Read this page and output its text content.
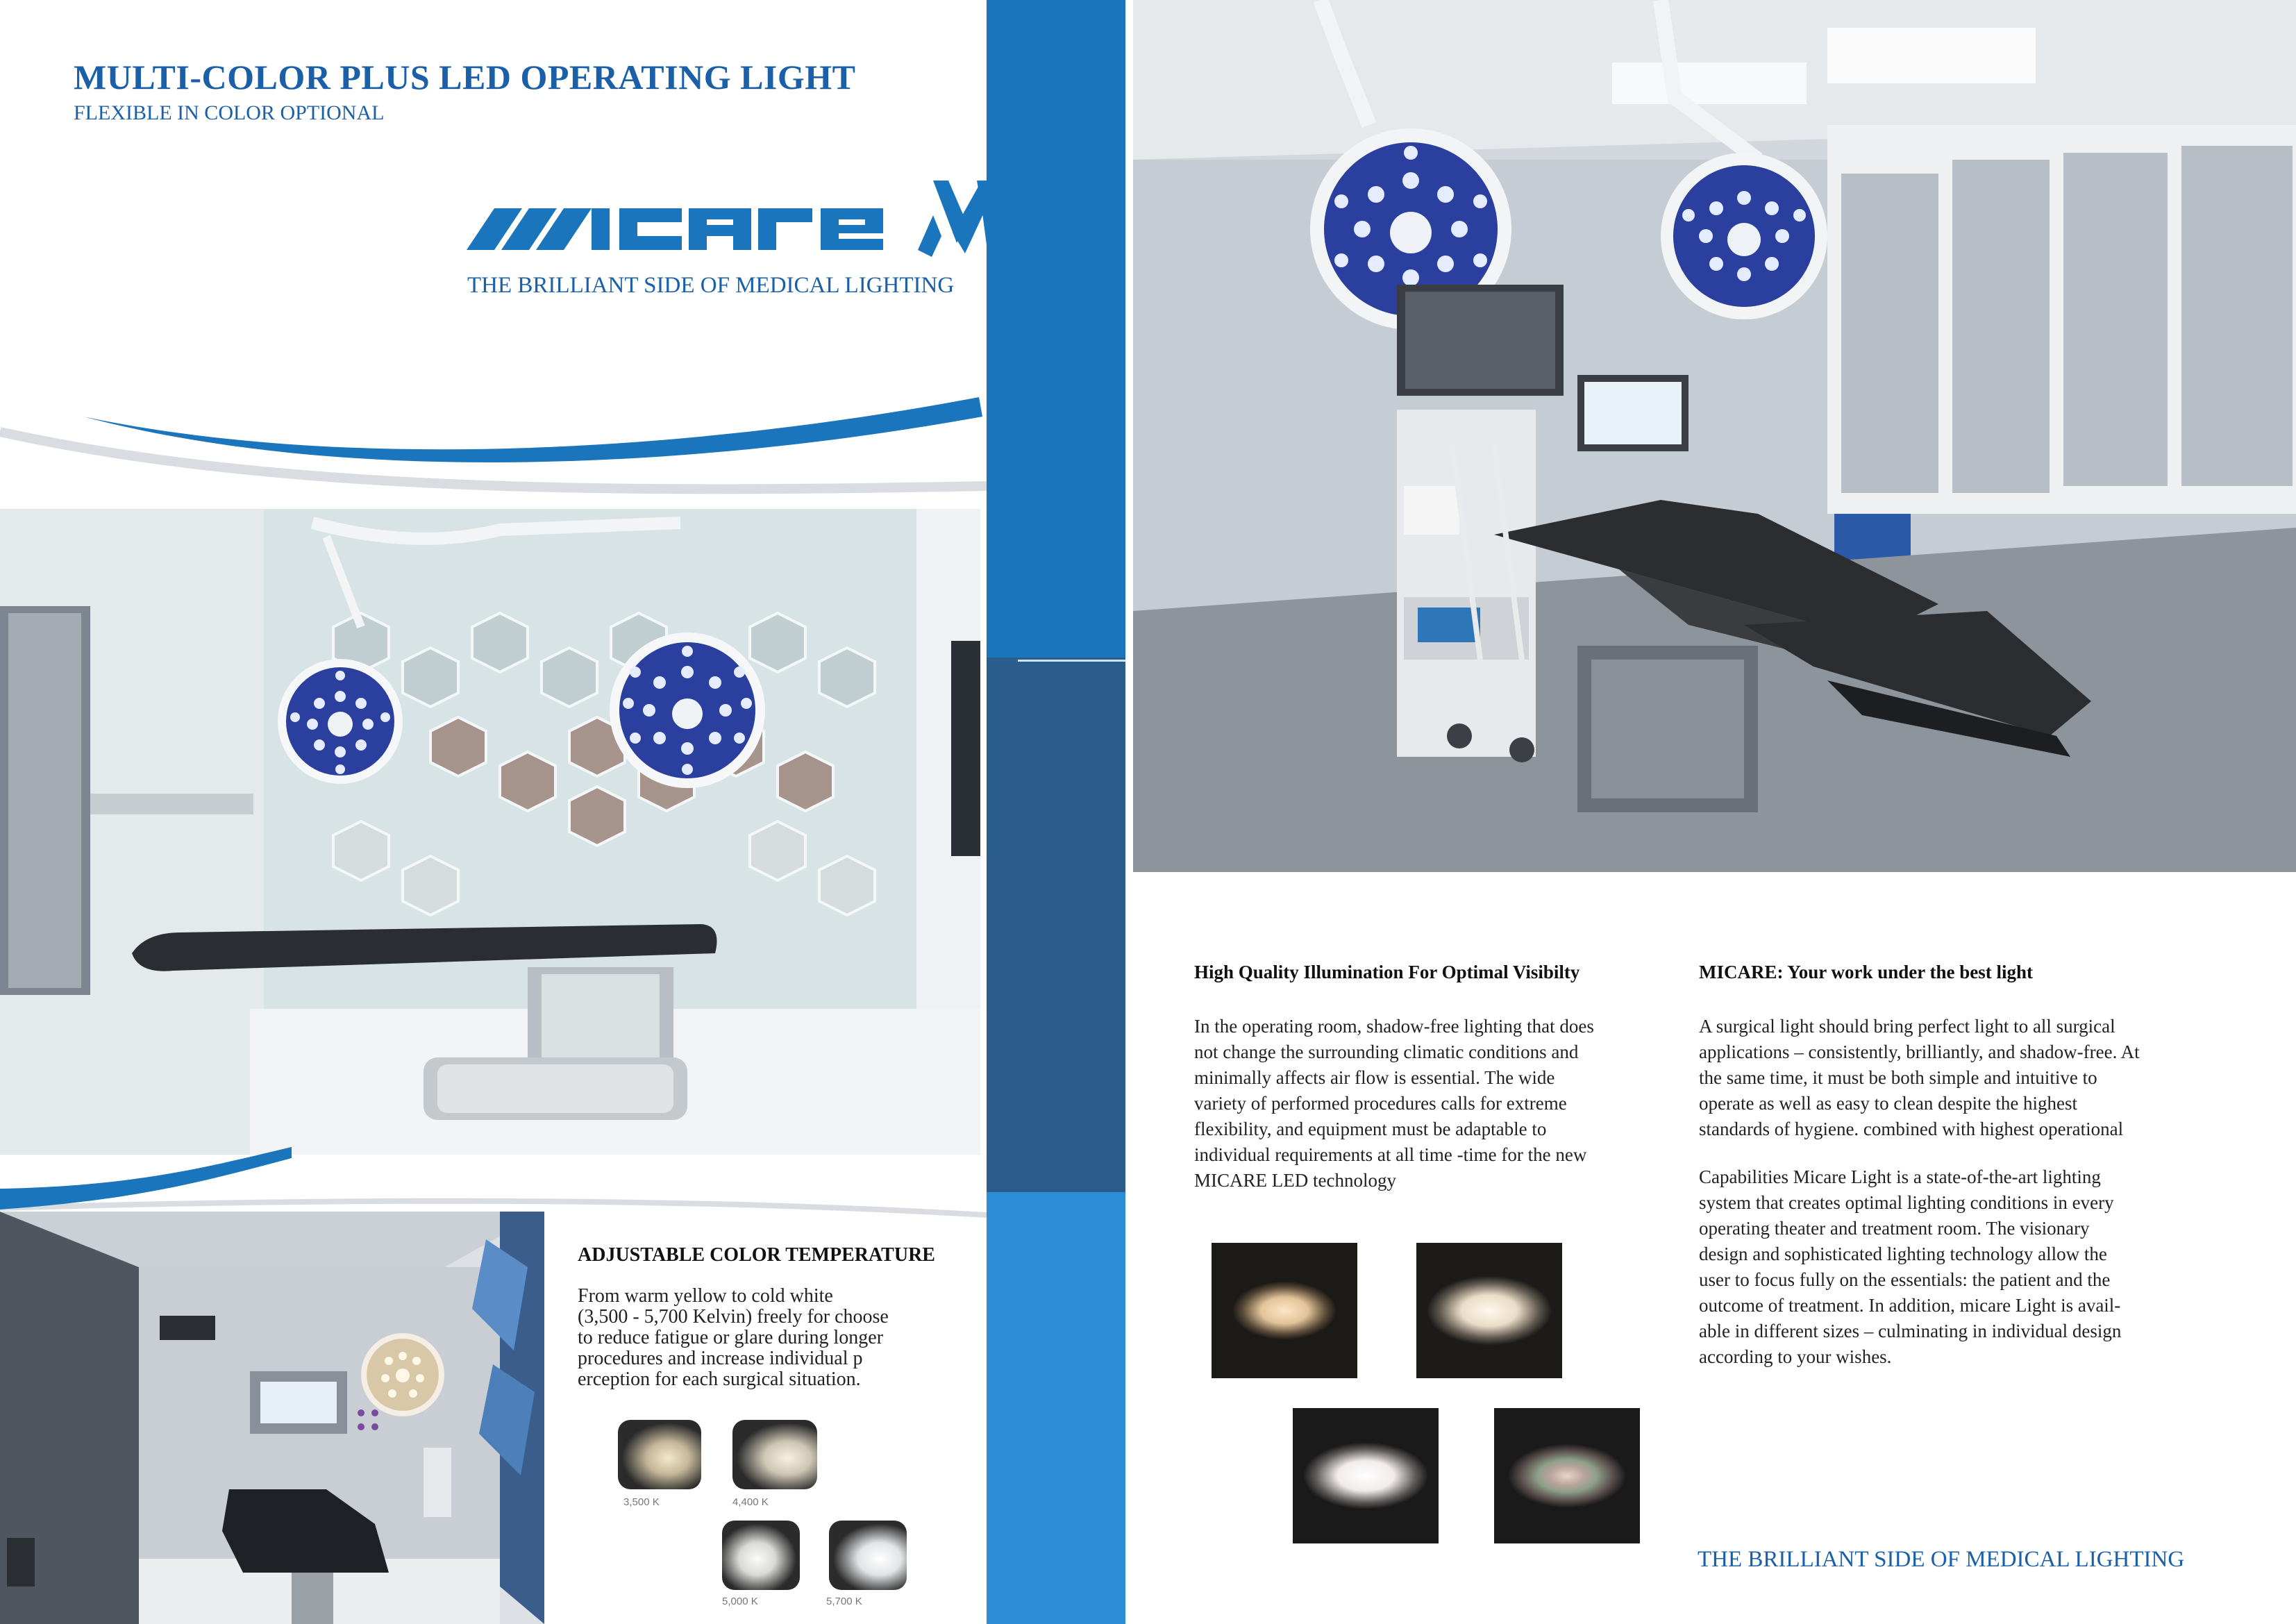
MULTI-COLOR PLUS LED OPERATING LIGHT
FLEXIBLE IN COLOR OPTIONAL
®
THE BRILLIANT SIDE OF MEDICAL LIGHTING
ADJUSTABLE COLOR TEMPERATURE
From warm yellow to cold white
(3,500 - 5,700 Kelvin) freely for choose
to reduce fatigue or glare during longer
procedures and increase individual p
erception for each surgical situation.
3,500 K	4,400 K
5,000 K	5,700 K
High Quality Illumination For Optimal Visibilty
In the operating room, shadow-free lighting that does
not change the surrounding climatic conditions and
minimally affects air flow is essential. The wide
variety of performed procedures calls for extreme
flexibility, and equipment must be adaptable to
individual requirements at all time -time for the new
MICARE LED technology
MICARE: Your work under the best light
A surgical light should bring perfect light to all surgical
applications – consistently, brilliantly, and shadow-free. At
the same time, it must be both simple and intuitive to
operate as well as easy to clean despite the highest
standards of hygiene. combined with highest operational
Capabilities Micare Light is a state-of-the-art lighting
system that creates optimal lighting conditions in every
operating theater and treatment room. The visionary
design and sophisticated lighting technology allow the
user to focus fully on the essentials: the patient and the
outcome of treatment. In addition, micare Light is avail-
able in different sizes – culminating in individual design
according to your wishes.
THE BRILLIANT SIDE OF MEDICAL LIGHTING
